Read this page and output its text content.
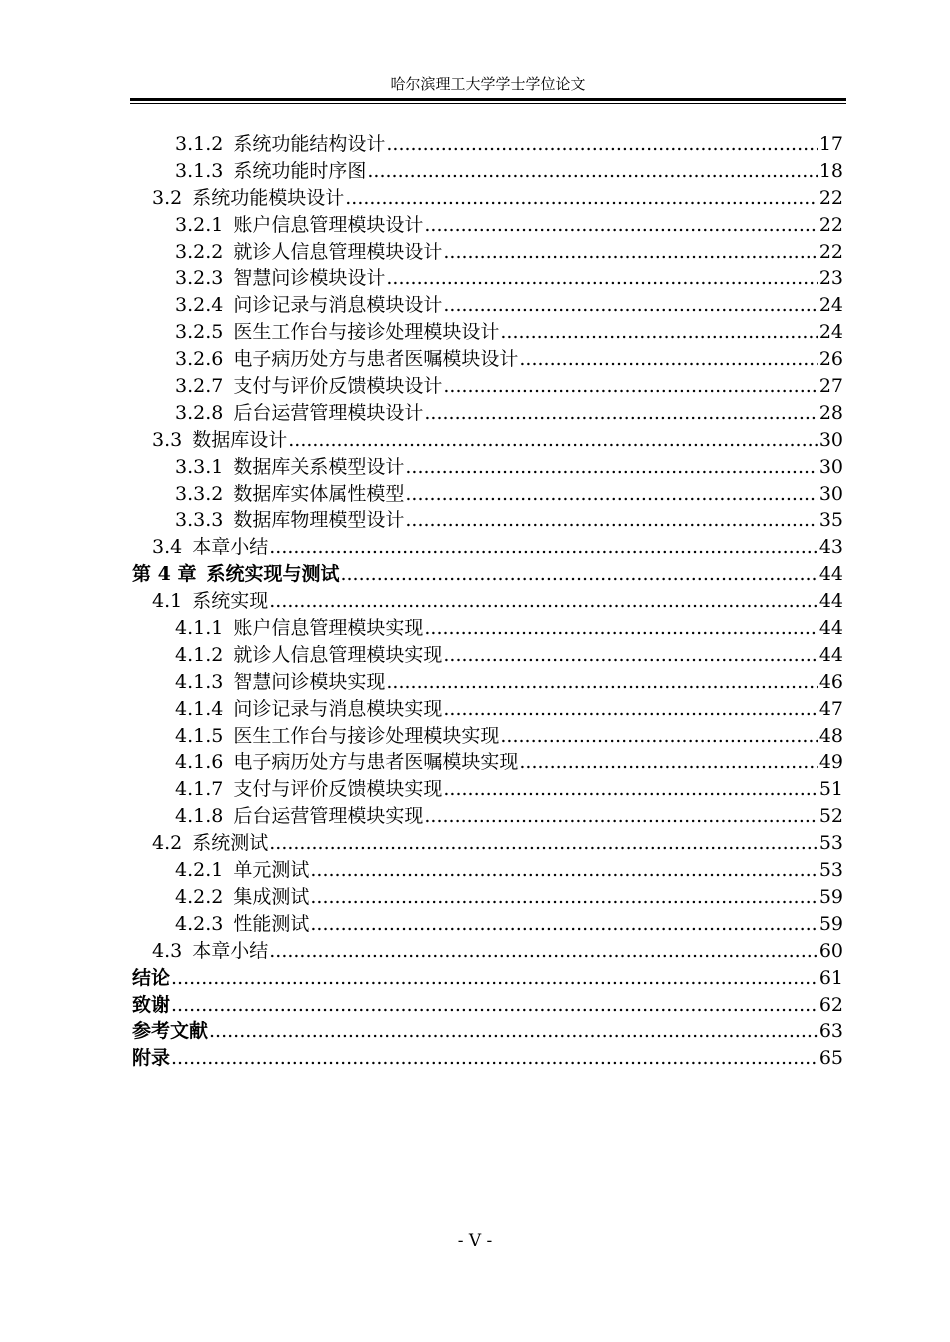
哈尔滨理工大学学士学位论文
3.1.2 系统功能结构设计 .....	17
3.1.3 系统功能时序图 .....	18
3.2 系统功能模块设计 .....	22
3.2.1 账户信息管理模块设计 .....	22
3.2.2 就诊人信息管理模块设计 .....	22
3.2.3 智慧问诊模块设计 .....	23
3.2.4 问诊记录与消息模块设计 .....	24
3.2.5 医生工作台与接诊处理模块设计 .....	24
3.2.6 电子病历处方与患者医嘱模块设计 .....	26
3.2.7 支付与评价反馈模块设计 .....	27
3.2.8 后台运营管理模块设计 .....	28
3.3 数据库设计 .....	30
3.3.1 数据库关系模型设计 .....	30
3.3.2 数据库实体属性模型 .....	30
3.3.3 数据库物理模型设计 .....	35
3.4 本章小结 .....	43
第 4 章 系统实现与测试 .....	44
4.1 系统实现 .....	44
4.1.1 账户信息管理模块实现 .....	44
4.1.2 就诊人信息管理模块实现 .....	44
4.1.3 智慧问诊模块实现 .....	46
4.1.4 问诊记录与消息模块实现 .....	47
4.1.5 医生工作台与接诊处理模块实现 .....	48
4.1.6 电子病历处方与患者医嘱模块实现 .....	49
4.1.7 支付与评价反馈模块实现 .....	51
4.1.8 后台运营管理模块实现 .....	52
4.2 系统测试 .....	53
4.2.1 单元测试 .....	53
4.2.2 集成测试 .....	59
4.2.3 性能测试 .....	59
4.3 本章小结 .....	60
结论 .....	61
致谢 .....	62
参考文献 .....	63
附录 .....	65
- V -
